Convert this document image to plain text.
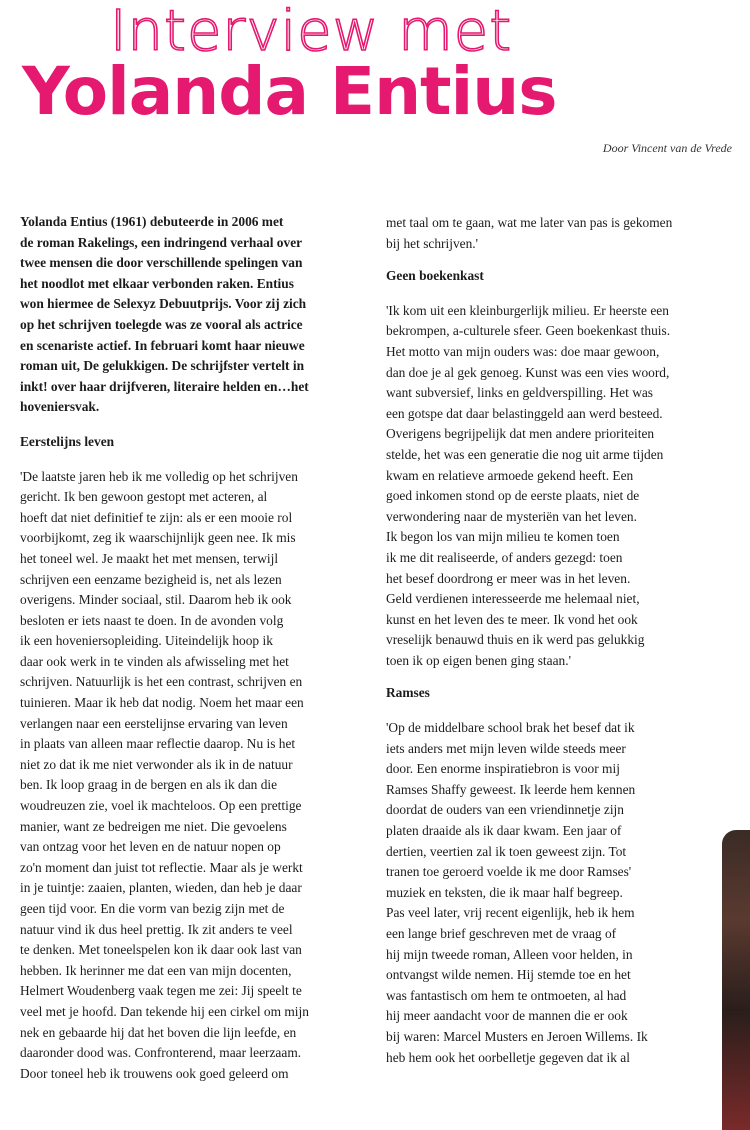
Interview met
Yolanda Entius
Door Vincent van de Vrede
Yolanda Entius (1961) debuteerde in 2006 met
de roman Rakelings, een indringend verhaal over
twee mensen die door verschillende spelingen van
het noodlot met elkaar verbonden raken. Entius
won hiermee de Selexyz Debuutprijs. Voor zij zich
op het schrijven toelegde was ze vooral als actrice
en scenariste actief. In februari komt haar nieuwe
roman uit, De gelukkigen. De schrijfster vertelt in
inkt! over haar drijfveren, literaire helden en…het
hoveniersvak.
Eerstelijns leven
'De laatste jaren heb ik me volledig op het schrijven
gericht. Ik ben gewoon gestopt met acteren, al
hoeft dat niet definitief te zijn: als er een mooie rol
voorbijkomt, zeg ik waarschijnlijk geen nee. Ik mis
het toneel wel. Je maakt het met mensen, terwijl
schrijven een eenzame bezigheid is, net als lezen
overigens. Minder sociaal, stil. Daarom heb ik ook
besloten er iets naast te doen. In de avonden volg
ik een hoveniersopleiding. Uiteindelijk hoop ik
daar ook werk in te vinden als afwisseling met het
schrijven. Natuurlijk is het een contrast, schrijven en
tuinieren. Maar ik heb dat nodig. Noem het maar een
verlangen naar een eerstelijnse ervaring van leven
in plaats van alleen maar reflectie daarop. Nu is het
niet zo dat ik me niet verwonder als ik in de natuur
ben. Ik loop graag in de bergen en als ik dan die
woudreuzen zie, voel ik machteloos. Op een prettige
manier, want ze bedreigen me niet. Die gevoelens
van ontzag voor het leven en de natuur nopen op
zo'n moment dan juist tot reflectie. Maar als je werkt
in je tuintje: zaaien, planten, wieden, dan heb je daar
geen tijd voor. En die vorm van bezig zijn met de
natuur vind ik dus heel prettig. Ik zit anders te veel
te denken. Met toneelspelen kon ik daar ook last van
hebben. Ik herinner me dat een van mijn docenten,
Helmert Woudenberg vaak tegen me zei: Jij speelt te
veel met je hoofd. Dan tekende hij een cirkel om mijn
nek en gebaarde hij dat het boven die lijn leefde, en
daaronder dood was. Confronterend, maar leerzaam.
Door toneel heb ik trouwens ook goed geleerd om
met taal om te gaan, wat me later van pas is gekomen
bij het schrijven.'
Geen boekenkast
'Ik kom uit een kleinburgerlijk milieu. Er heerste een
bekrompen, a-culturele sfeer. Geen boekenkast thuis.
Het motto van mijn ouders was: doe maar gewoon,
dan doe je al gek genoeg. Kunst was een vies woord,
want subversief, links en geldverspilling. Het was
een gotspe dat daar belastinggeld aan werd besteed.
Overigens begrijpelijk dat men andere prioriteiten
stelde, het was een generatie die nog uit arme tijden
kwam en relatieve armoede gekend heeft. Een
goed inkomen stond op de eerste plaats, niet de
verwondering naar de mysteriën van het leven.
Ik begon los van mijn milieu te komen toen
ik me dit realiseerde, of anders gezegd: toen
het besef doordrong er meer was in het leven.
Geld verdienen interesseerde me helemaal niet,
kunst en het leven des te meer. Ik vond het ook
vreselijk benauwd thuis en ik werd pas gelukkig
toen ik op eigen benen ging staan.'
Ramses
'Op de middelbare school brak het besef dat ik
iets anders met mijn leven wilde steeds meer
door. Een enorme inspiratiebron is voor mij
Ramses Shaffy geweest. Ik leerde hem kennen
doordat de ouders van een vriendinnetje zijn
platen draaide als ik daar kwam. Een jaar of
dertien, veertien zal ik toen geweest zijn. Tot
tranen toe geroerd voelde ik me door Ramses'
muziek en teksten, die ik maar half begreep.
Pas veel later, vrij recent eigenlijk, heb ik hem
een lange brief geschreven met de vraag of
hij mijn tweede roman, Alleen voor helden, in
ontvangst wilde nemen. Hij stemde toe en het
was fantastisch om hem te ontmoeten, al had
hij meer aandacht voor de mannen die er ook
bij waren: Marcel Musters en Jeroen Willems. Ik
heb hem ook het oorbelletje gegeven dat ik al
